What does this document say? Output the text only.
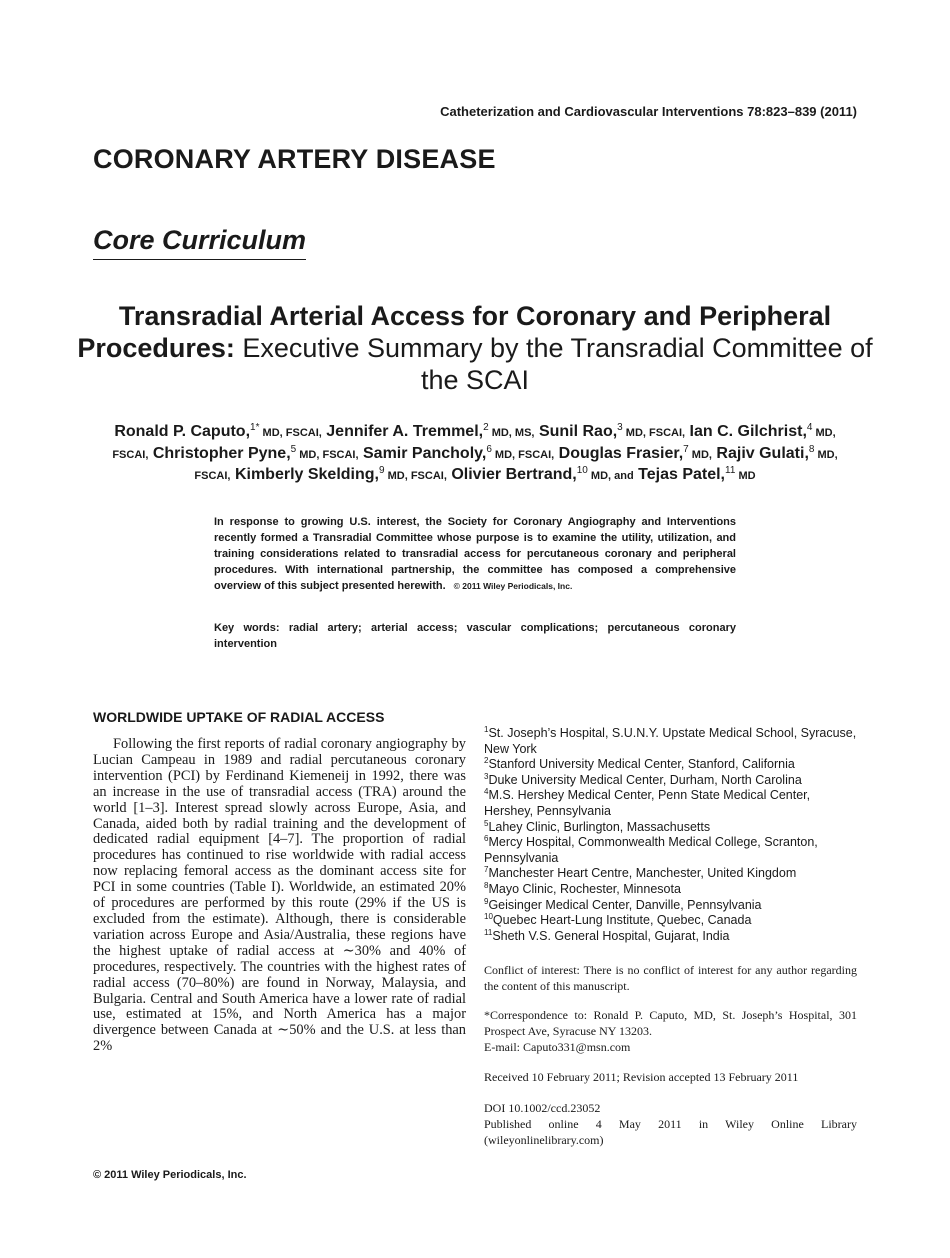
Catheterization and Cardiovascular Interventions 78:823–839 (2011)
CORONARY ARTERY DISEASE
Core Curriculum
Transradial Arterial Access for Coronary and Peripheral Procedures: Executive Summary by the Transradial Committee of the SCAI
Ronald P. Caputo,$^{1*}$ MD, FSCAI, Jennifer A. Tremmel,$^2$ MD, MS, Sunil Rao,$^3$ MD, FSCAI, Ian C. Gilchrist,$^4$ MD, FSCAI, Christopher Pyne,$^5$ MD, FSCAI, Samir Pancholy,$^6$ MD, FSCAI, Douglas Frasier,$^7$ MD, Rajiv Gulati,$^8$ MD, FSCAI, Kimberly Skelding,$^9$ MD, FSCAI, Olivier Bertrand,$^{10}$ MD, and Tejas Patel,$^{11}$ MD
In response to growing U.S. interest, the Society for Coronary Angiography and Interventions recently formed a Transradial Committee whose purpose is to examine the utility, utilization, and training considerations related to transradial access for percutaneous coronary and peripheral procedures. With international partnership, the committee has composed a comprehensive overview of this subject presented herewith. © 2011 Wiley Periodicals, Inc.
Key words: radial artery; arterial access; vascular complications; percutaneous coronary intervention
WORLDWIDE UPTAKE OF RADIAL ACCESS

Following the first reports of radial coronary angiography by Lucian Campeau in 1989 and radial percutaneous coronary intervention (PCI) by Ferdinand Kiemeneij in 1992, there was an increase in the use of transradial access (TRA) around the world [1–3]. Interest spread slowly across Europe, Asia, and Canada, aided both by radial training and the development of dedicated radial equipment [4–7]. The proportion of radial procedures has continued to rise worldwide with radial access now replacing femoral access as the dominant access site for PCI in some countries (Table I). Worldwide, an estimated 20% of procedures are performed by this route (29% if the US is excluded from the estimate). Although, there is considerable variation across Europe and Asia/Australia, these regions have the highest uptake of radial access at ∼30% and 40% of procedures, respectively. The countries with the highest rates of radial access (70–80%) are found in Norway, Malaysia, and Bulgaria. Central and South America have a lower rate of radial use, estimated at 15%, and North America has a major divergence between Canada at ∼50% and the U.S. at less than 2%

$^1$St. Joseph’s Hospital, S.U.N.Y. Upstate Medical School, Syracuse, New York
$^2$Stanford University Medical Center, Stanford, California
$^3$Duke University Medical Center, Durham, North Carolina
$^4$M.S. Hershey Medical Center, Penn State Medical Center, Hershey, Pennsylvania
$^5$Lahey Clinic, Burlington, Massachusetts
$^6$Mercy Hospital, Commonwealth Medical College, Scranton, Pennsylvania
$^7$Manchester Heart Centre, Manchester, United Kingdom
$^8$Mayo Clinic, Rochester, Minnesota
$^9$Geisinger Medical Center, Danville, Pennsylvania
$^{10}$Quebec Heart-Lung Institute, Quebec, Canada
$^{11}$Sheth V.S. General Hospital, Gujarat, India

Conflict of interest: There is no conflict of interest for any author regarding the content of this manuscript.

*Correspondence to: Ronald P. Caputo, MD, St. Joseph’s Hospital, 301 Prospect Ave, Syracuse NY 13203.
E-mail: Caputo331@msn.com

Received 10 February 2011; Revision accepted 13 February 2011

DOI 10.1002/ccd.23052
Published online 4 May 2011 in Wiley Online Library (wileyonlinelibrary.com)
© 2011 Wiley Periodicals, Inc.
